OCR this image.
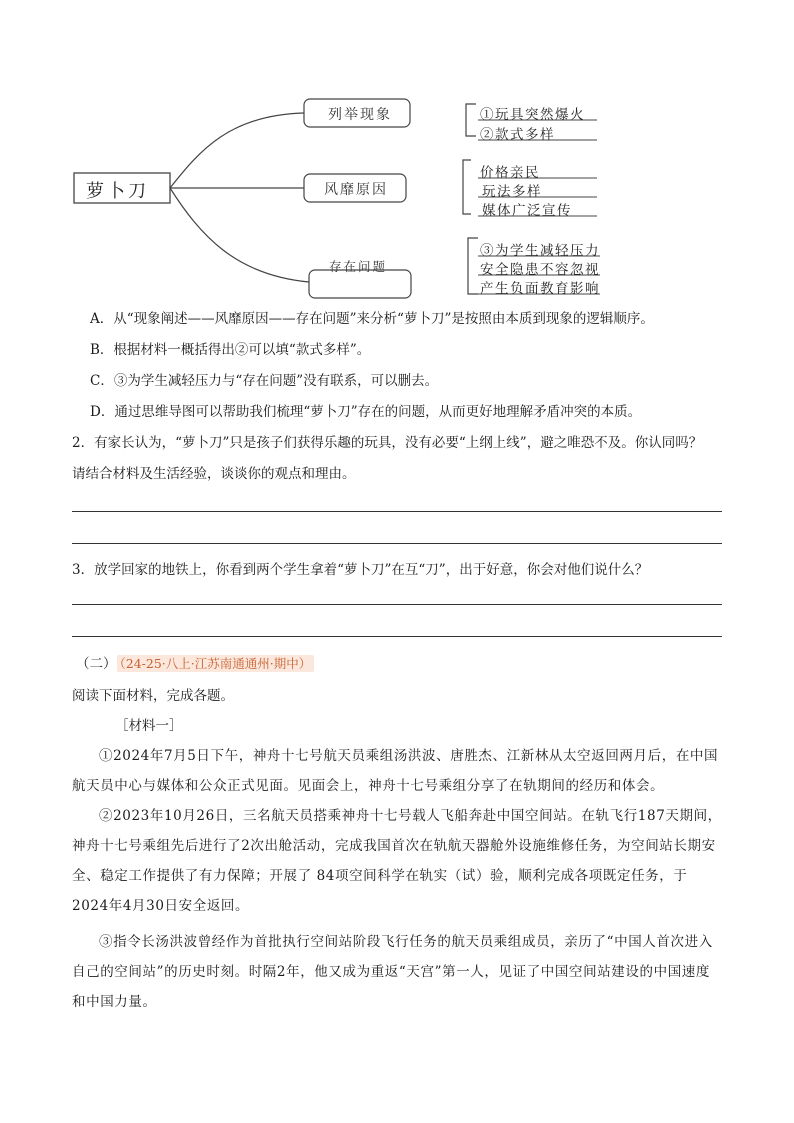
萝卜刀
列举现象
风靡原因
存在问题
①玩具突然爆火
②款式多样
价格亲民
玩法多样
媒体广泛宣传
③为学生减轻压力
安全隐患不容忽视
产生负面教育影响
A．从“现象阐述——风靡原因——存在问题”来分析“萝卜刀”是按照由本质到现象的逻辑顺序。
B．根据材料一概括得出②可以填“款式多样”。
C．③为学生减轻压力与“存在问题”没有联系，可以删去。
D．通过思维导图可以帮助我们梳理“萝卜刀”存在的问题，从而更好地理解矛盾冲突的本质。
2．有家长认为，“萝卜刀”只是孩子们获得乐趣的玩具，没有必要“上纲上线”，避之唯恐不及。你认同吗？
请结合材料及生活经验，谈谈你的观点和理由。
3．放学回家的地铁上，你看到两个学生拿着“萝卜刀”在互“刀”，出于好意，你会对他们说什么？
（二） （24-25·八上·江苏南通通州·期中）
阅读下面材料，完成各题。
［材料一］
①2024年7月5日下午，神舟十七号航天员乘组汤洪波、唐胜杰、江新林从太空返回两月后，在中国航天员中心与媒体和公众正式见面。见面会上，神舟十七号乘组分享了在轨期间的经历和体会。
②2023年10月26日，三名航天员搭乘神舟十七号载人飞船奔赴中国空间站。在轨飞行187天期间，神舟十七号乘组先后进行了2次出舱活动，完成我国首次在轨航天器舱外设施维修任务，为空间站长期安全、稳定工作提供了有力保障；开展了 84项空间科学在轨实（试）验，顺利完成各项既定任务，于 2024年4月30日安全返回。
③指令长汤洪波曾经作为首批执行空间站阶段飞行任务的航天员乘组成员，亲历了“中国人首次进入自己的空间站”的历史时刻。时隔2年，他又成为重返“天宫”第一人，见证了中国空间站建设的中国速度和中国力量。
